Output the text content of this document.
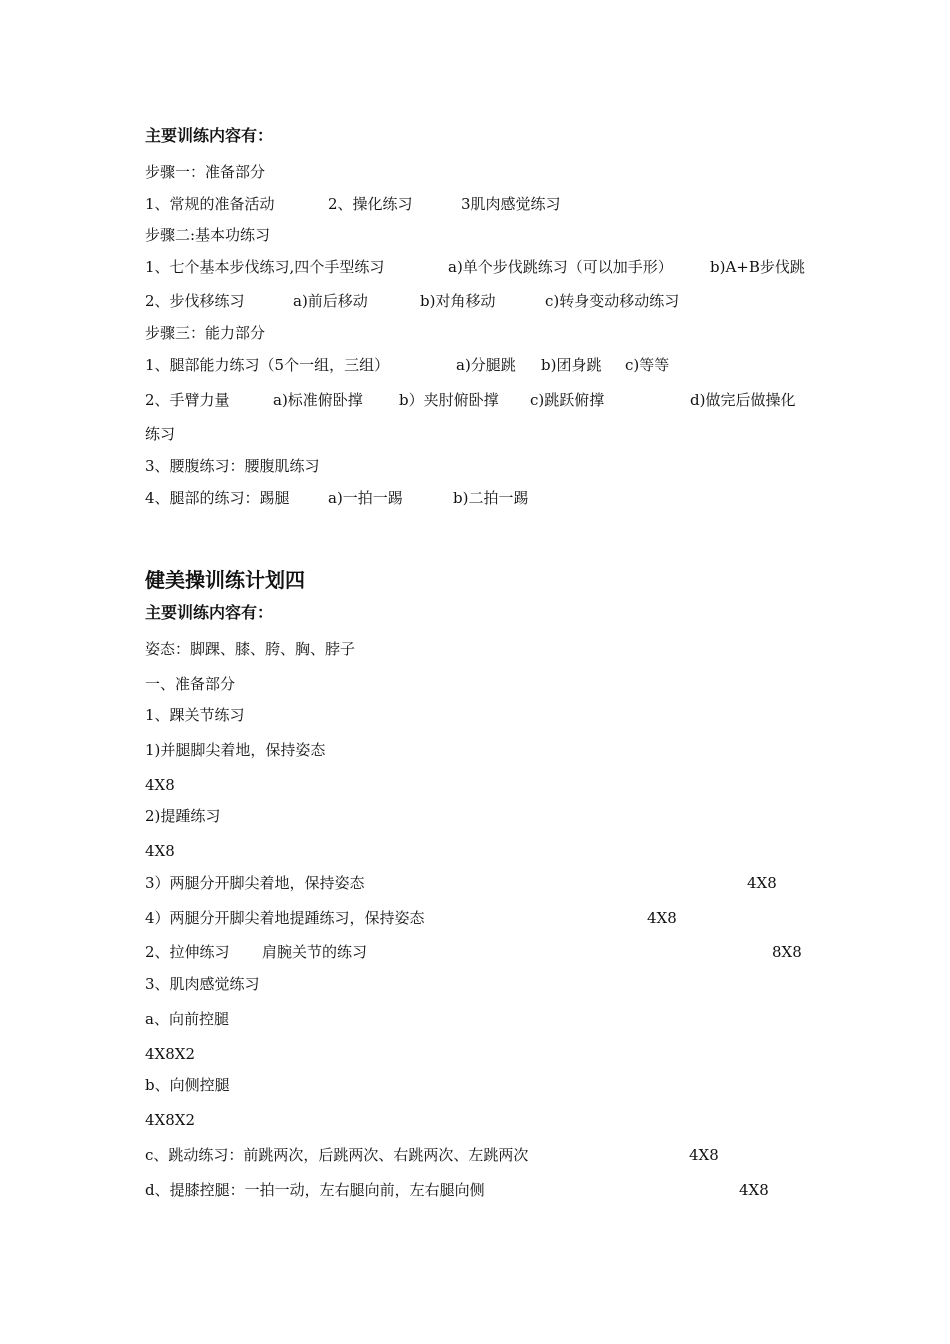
主要训练内容有：
步骤一：准备部分
1、常规的准备活动	2、操化练习	3肌肉感觉练习
步骤二:基本功练习
1、七个基本步伐练习,四个手型练习	a)单个步伐跳练习（可以加手形） b)A+B步伐跳
2、步伐移练习	a)前后移动	b)对角移动	c)转身变动移动练习
步骤三：能力部分
1、腿部能力练习（5个一组，三组）	a)分腿跳 b)团身跳 c)等等
2、手臂力量	a)标准俯卧撑 b）夹肘俯卧撑 c)跳跃俯撑	d)做完后做操化
练习
3、腰腹练习：腰腹肌练习
4、腿部的练习：踢腿	a)一拍一踢	b)二拍一踢
健美操训练计划四
主要训练内容有：
姿态：脚踝、膝、胯、胸、脖子
一、准备部分
1、踝关节练习
1)并腿脚尖着地，保持姿态
4X8
2)提踵练习
4X8
3）两腿分开脚尖着地，保持姿态	4X8
4）两腿分开脚尖着地提踵练习，保持姿态	4X8
2、拉伸练习 肩腕关节的练习	8X8
3、肌肉感觉练习
a、向前控腿
4X8X2
b、向侧控腿
4X8X2
c、跳动练习：前跳两次，后跳两次、右跳两次、左跳两次	4X8
d、提膝控腿：一拍一动，左右腿向前，左右腿向侧	4X8
